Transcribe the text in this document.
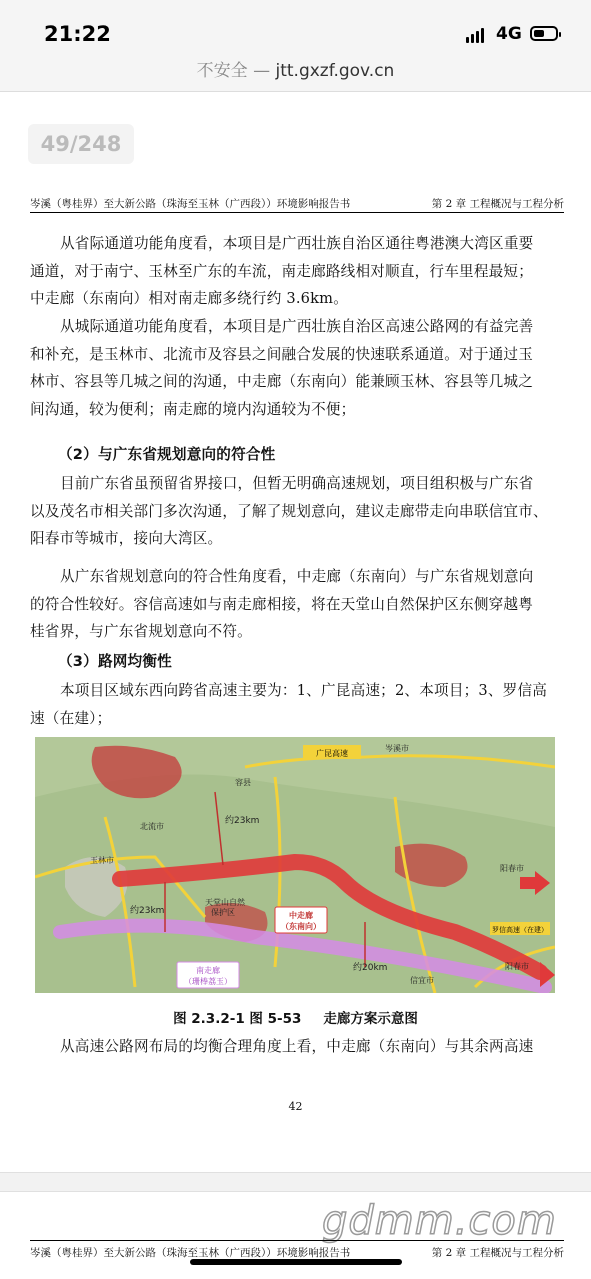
21:22	4G
不安全 — jtt.gxzf.gov.cn
49/248
岑溪（粤桂界）至大新公路（珠海至玉林（广西段））环境影响报告书	第 2 章 工程概况与工程分析
从省际通道功能角度看，本项目是广西壮族自治区通往粤港澳大湾区重要
通道，对于南宁、玉林至广东的车流，南走廊路线相对顺直，行车里程最短；
中走廊（东南向）相对南走廊多绕行约 3.6km。
从城际通道功能角度看，本项目是广西壮族自治区高速公路网的有益完善
和补充，是玉林市、北流市及容县之间融合发展的快速联系通道。对于通过玉
林市、容县等几城之间的沟通，中走廊（东南向）能兼顾玉林、容县等几城之
间沟通，较为便利；南走廊的境内沟通较为不便；
（2）与广东省规划意向的符合性
目前广东省虽预留省界接口，但暂无明确高速规划，项目组积极与广东省
以及茂名市相关部门多次沟通，了解了规划意向，建议走廊带走向串联信宜市、
阳春市等城市，接向大湾区。
从广东省规划意向的符合性角度看，中走廊（东南向）与广东省规划意向
的符合性较好。容信高速如与南走廊相接，将在天堂山自然保护区东侧穿越粤
桂省界，与广东省规划意向不符。
（3）路网均衡性
本项目区域东西向跨省高速主要为：1、广昆高速；2、本项目；3、罗信高
速（在建）；
广昆高速
岑溪市
容县
北流市
玉林市
约23km
约23km
约20km
天堂山自然
保护区	中走廊
（东南向）
南走廊
（珊棒荔玉）	信宜市
阳春市
罗信高速（在建）
阳春市
图 2.3.2-1 图 5-53 走廊方案示意图
从高速公路网布局的均衡合理角度上看，中走廊（东南向）与其余两高速
42
gdmm.com
岑溪（粤桂界）至大新公路（珠海至玉林（广西段））环境影响报告书	第 2 章 工程概况与工程分析
